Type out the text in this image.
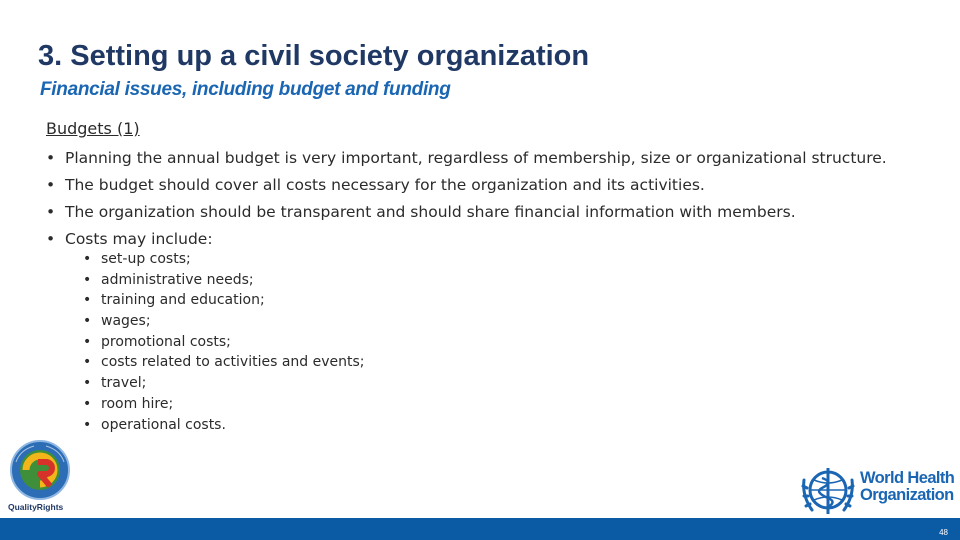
3. Setting up a civil society organization
Financial issues, including budget and funding
Budgets (1)
• Planning the annual budget is very important, regardless of membership, size or organizational structure.
• The budget should cover all costs necessary for the organization and its activities.
• The organization should be transparent and should share financial information with members.
• Costs may include:
• set-up costs;
• administrative needs;
• training and education;
• wages;
• promotional costs;
• costs related to activities and events;
• travel;
• room hire;
• operational costs.
QualityRights
World Health
Organization
48
